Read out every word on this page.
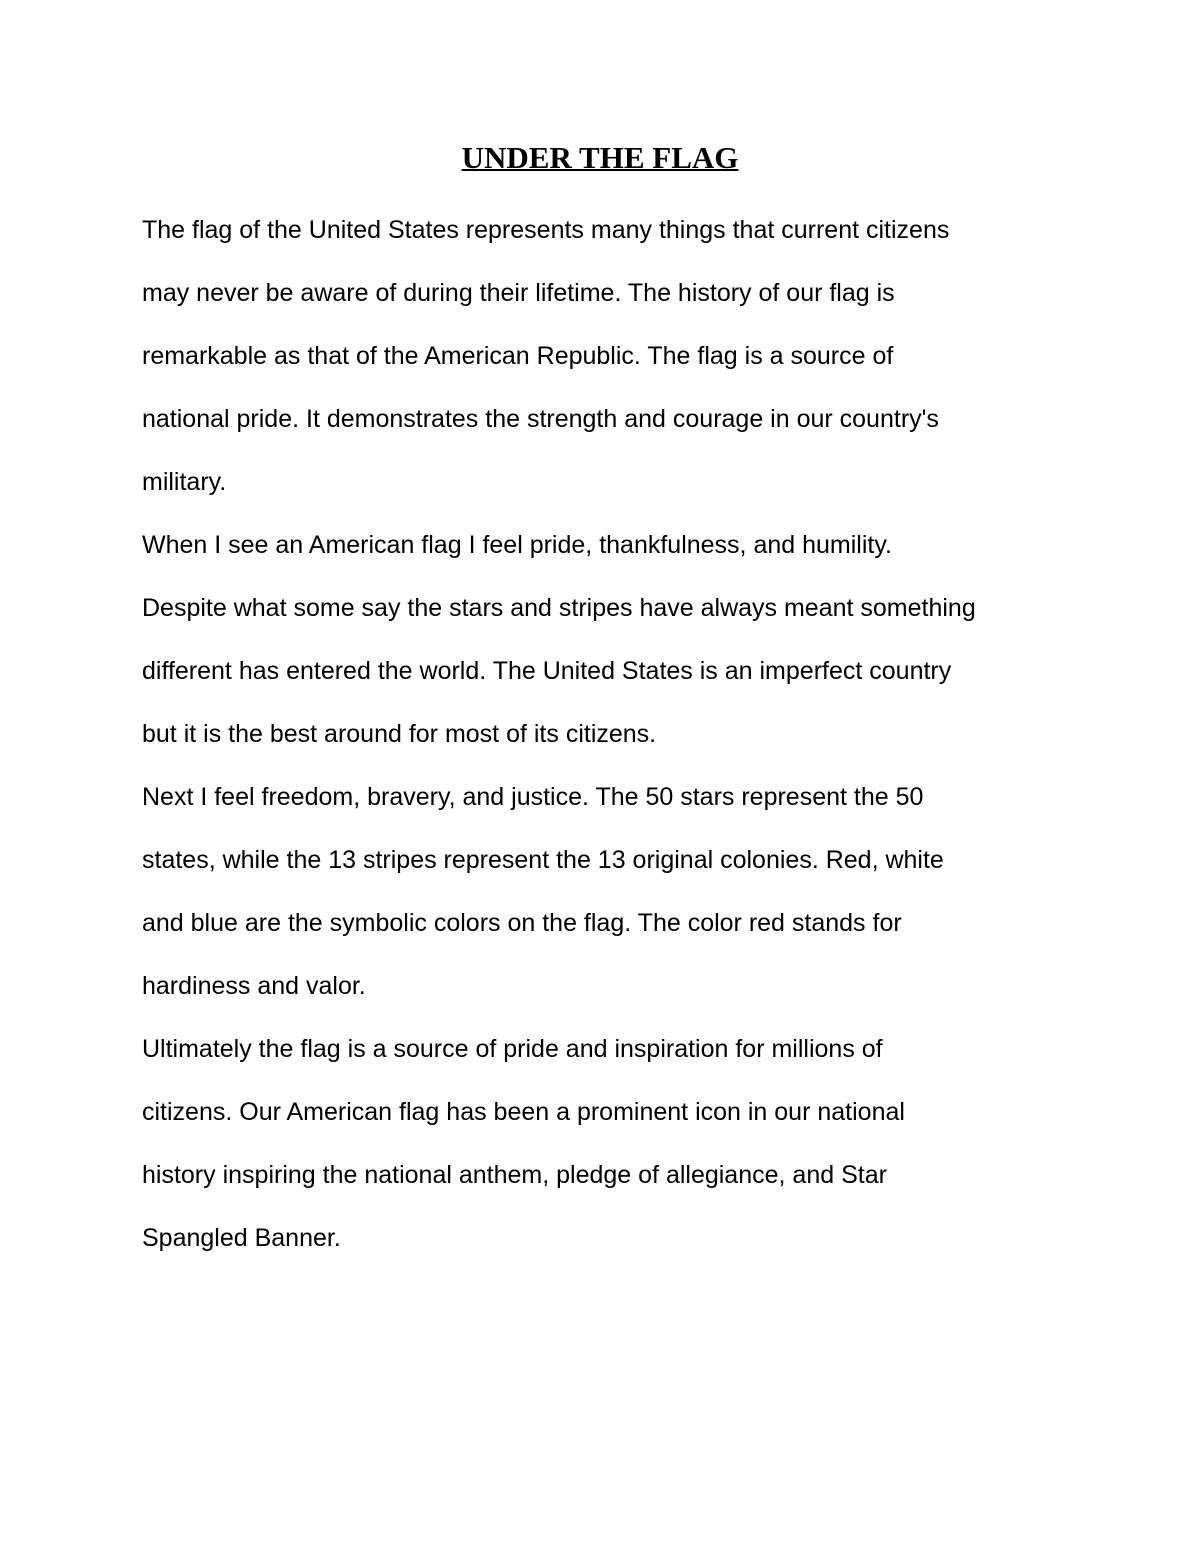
UNDER THE FLAG
The flag of the United States represents many things that current citizens
may never be aware of during their lifetime. The history of our flag is
remarkable as that of the American Republic. The flag is a source of
national pride. It demonstrates the strength and courage in our country's
military.
When I see an American flag I feel pride, thankfulness, and humility.
Despite what some say the stars and stripes have always meant something
different has entered the world. The United States is an imperfect country
but it is the best around for most of its citizens.
Next I feel freedom, bravery, and justice. The 50 stars represent the 50
states, while the 13 stripes represent the 13 original colonies. Red, white
and blue are the symbolic colors on the flag. The color red stands for
hardiness and valor.
Ultimately the flag is a source of pride and inspiration for millions of
citizens. Our American flag has been a prominent icon in our national
history inspiring the national anthem, pledge of allegiance, and Star
Spangled Banner.
